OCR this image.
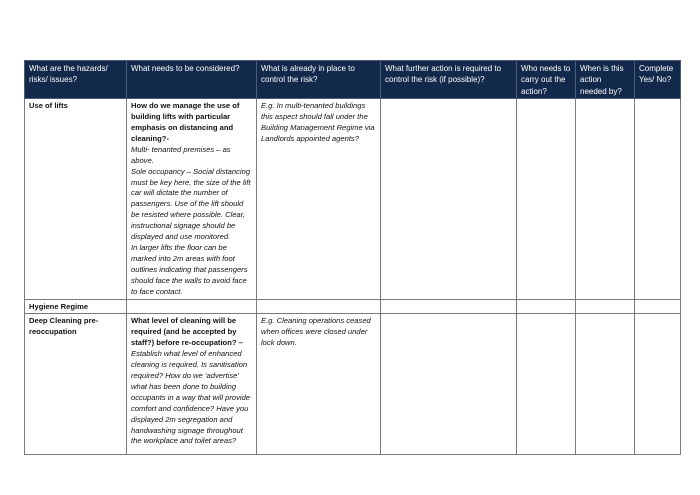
What are the hazards/ risks/ issues?	What needs to be considered?	What is already in place to control the risk?	What further action is required to control the risk (if possible)?	Who needs to carry out the action?	When is this action needed by?	Complete Yes/ No?
Use of lifts	How do we manage the use of building lifts with particular emphasis on distancing and cleaning?-
Multi- tenanted premises – as above.
Sole occupancy – Social distancing must be key here, the size of the lift car will dictate the number of passengers. Use of the lift should be resisted where possible. Clear, instructional signage should be displayed and use monitored.
In larger lifts the floor can be marked into 2m areas with foot outlines indicating that passengers should face the walls to avoid face to face contact.	E.g. In multi-tenanted buildings this aspect should fall under the Building Management Regime via Landlords appointed agents?				
Hygiene Regime						
Deep Cleaning pre-reoccupation	What level of cleaning will be required (and be accepted by staff?) before re-occupation? –
Establish what level of enhanced cleaning is required. Is sanitisation required? How do we ‘advertise’ what has been done to building occupants in a way that will provide comfort and confidence? Have you displayed 2m segregation and handwashing signage throughout the workplace and toilet areas?	E.g. Cleaning operations ceased when offices were closed under lock down.				
